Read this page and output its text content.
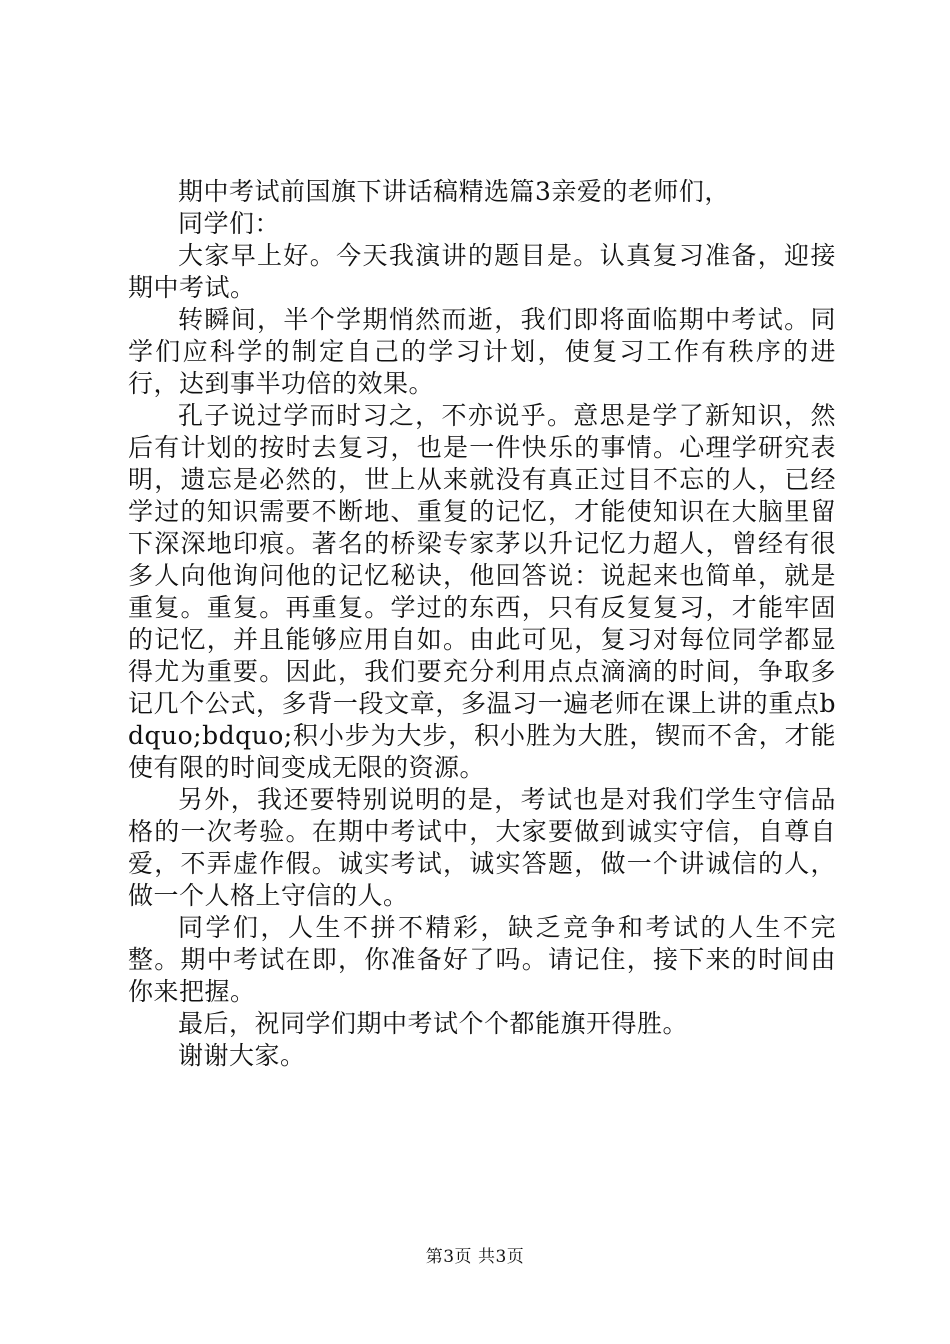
期中考试前国旗下讲话稿精选篇3亲爱的老师们，

同学们：

大家早上好。今天我演讲的题目是。认真复习准备，迎接期中考试。

转瞬间，半个学期悄然而逝，我们即将面临期中考试。同学们应科学的制定自己的学习计划，使复习工作有秩序的进行，达到事半功倍的效果。

孔子说过学而时习之，不亦说乎。意思是学了新知识，然后有计划的按时去复习，也是一件快乐的事情。心理学研究表明，遗忘是必然的，世上从来就没有真正过目不忘的人，已经学过的知识需要不断地、重复的记忆，才能使知识在大脑里留下深深地印痕。著名的桥梁专家茅以升记忆力超人，曾经有很多人向他询问他的记忆秘诀，他回答说：说起来也简单，就是重复。重复。再重复。学过的东西，只有反复复习，才能牢固的记忆，并且能够应用自如。由此可见，复习对每位同学都显得尤为重要。因此，我们要充分利用点点滴滴的时间，争取多记几个公式，多背一段文章，多温习一遍老师在课上讲的重点bdquo;bdquo;积小步为大步，积小胜为大胜，锲而不舍，才能使有限的时间变成无限的资源。

另外，我还要特别说明的是，考试也是对我们学生守信品格的一次考验。在期中考试中，大家要做到诚实守信，自尊自爱，不弄虚作假。诚实考试，诚实答题，做一个讲诚信的人，做一个人格上守信的人。

同学们，人生不拼不精彩，缺乏竞争和考试的人生不完整。期中考试在即，你准备好了吗。请记住，接下来的时间由你来把握。

最后，祝同学们期中考试个个都能旗开得胜。

谢谢大家。

第3页 共3页
